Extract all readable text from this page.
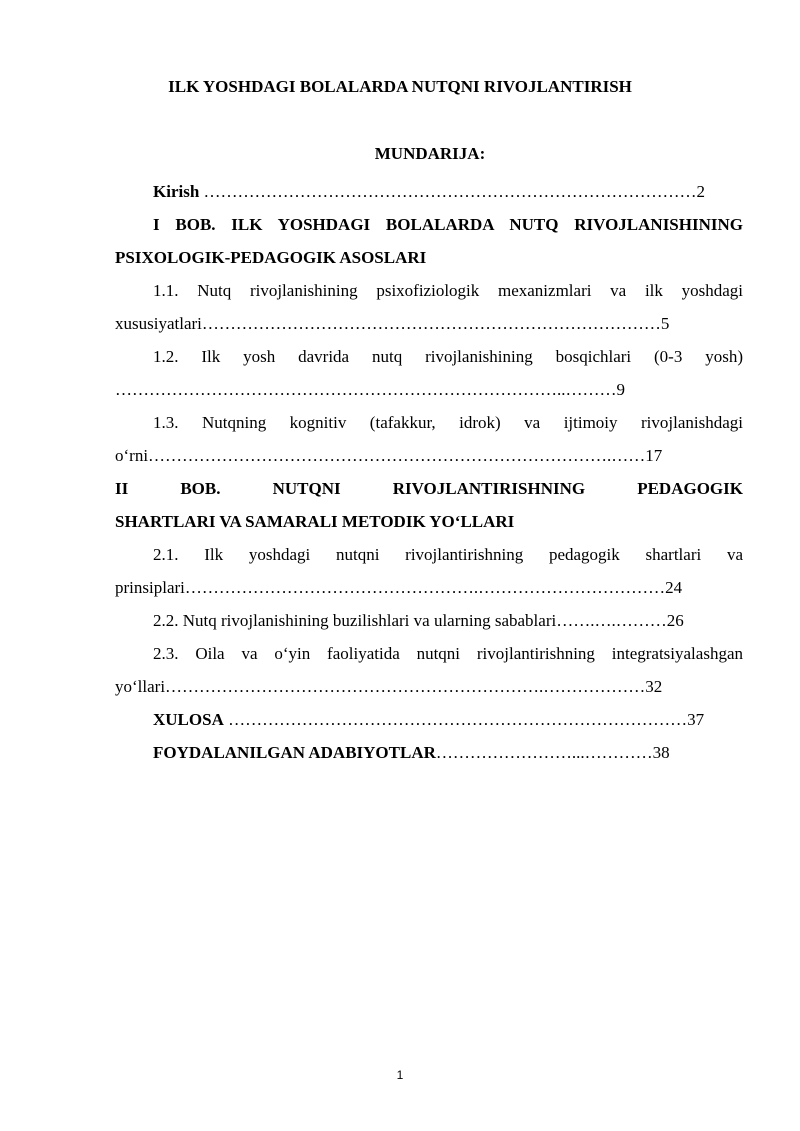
ILK YOSHDAGI BOLALARDA NUTQNI RIVOJLANTIRISH
MUNDARIJA:
Kirish ……………………………………………………………………………2
I BOB. ILK YOSHDAGI BOLALARDA NUTQ RIVOJLANISHINING
PSIXOLOGIK-PEDAGOGIK ASOSLARI
1.1. Nutq rivojlanishining psixofiziologik mexanizmlari va ilk yoshdagi
xususiyatlari………………………………………………………………………5
1.2. Ilk yosh davrida nutq rivojlanishining bosqichlari (0-3 yosh)
……………………………………………………………………..………9
1.3. Nutqning kognitiv (tafakkur, idrok) va ijtimoiy rivojlanishdagi
o‘rni……………………………………………………………………….……17
II BOB. NUTQNI RIVOJLANTIRISHNING PEDAGOGIK
SHARTLARI VA SAMARALI METODIK YO‘LLARI
2.1. Ilk yoshdagi nutqni rivojlantirishning pedagogik shartlari va
prinsiplari…………………………………………….……………………………24
2.2. Nutq rivojlanishining buzilishlari va ularning sabablari…….….………26
2.3. Oila va o‘yin faoliyatida nutqni rivojlantirishning integratsiyalashgan
yo‘llari………………………………………………………….………………32
XULOSA ………………………………………………………………………37
FOYDALANILGAN ADABIYOTLAR……………………...…………38
1
